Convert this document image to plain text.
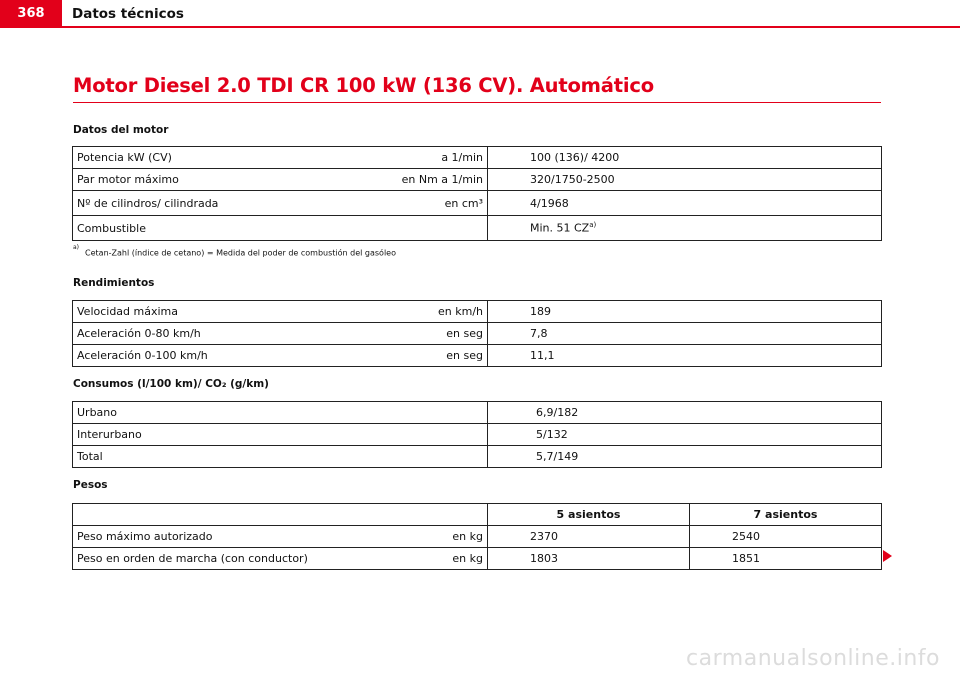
368	Datos técnicos
Motor Diesel 2.0 TDI CR 100 kW (136 CV). Automático
Datos del motor
Potencia kW (CV)	a 1/min	100 (136)/ 4200
Par motor máximo	en Nm a 1/min	320/1750-2500
Nº de cilindros/ cilindrada	en cm³	4/1968
Combustible		Min. 51 CZ$^{a)}$
$^{a)}$Cetan-Zahl (índice de cetano) = Medida del poder de combustión del gasóleo
Rendimientos
Velocidad máxima	en km/h	189
Aceleración 0-80 km/h	en seg	7,8
Aceleración 0-100 km/h	en seg	11,1
Consumos (l/100 km)/ CO₂ (g/km)
Urbano		6,9/182
Interurbano		5/132
Total		5,7/149
Pesos
		5 asientos	7 asientos
Peso máximo autorizado	en kg	2370	2540
Peso en orden de marcha (con conductor)	en kg	1803	1851
carmanualsonline.info
